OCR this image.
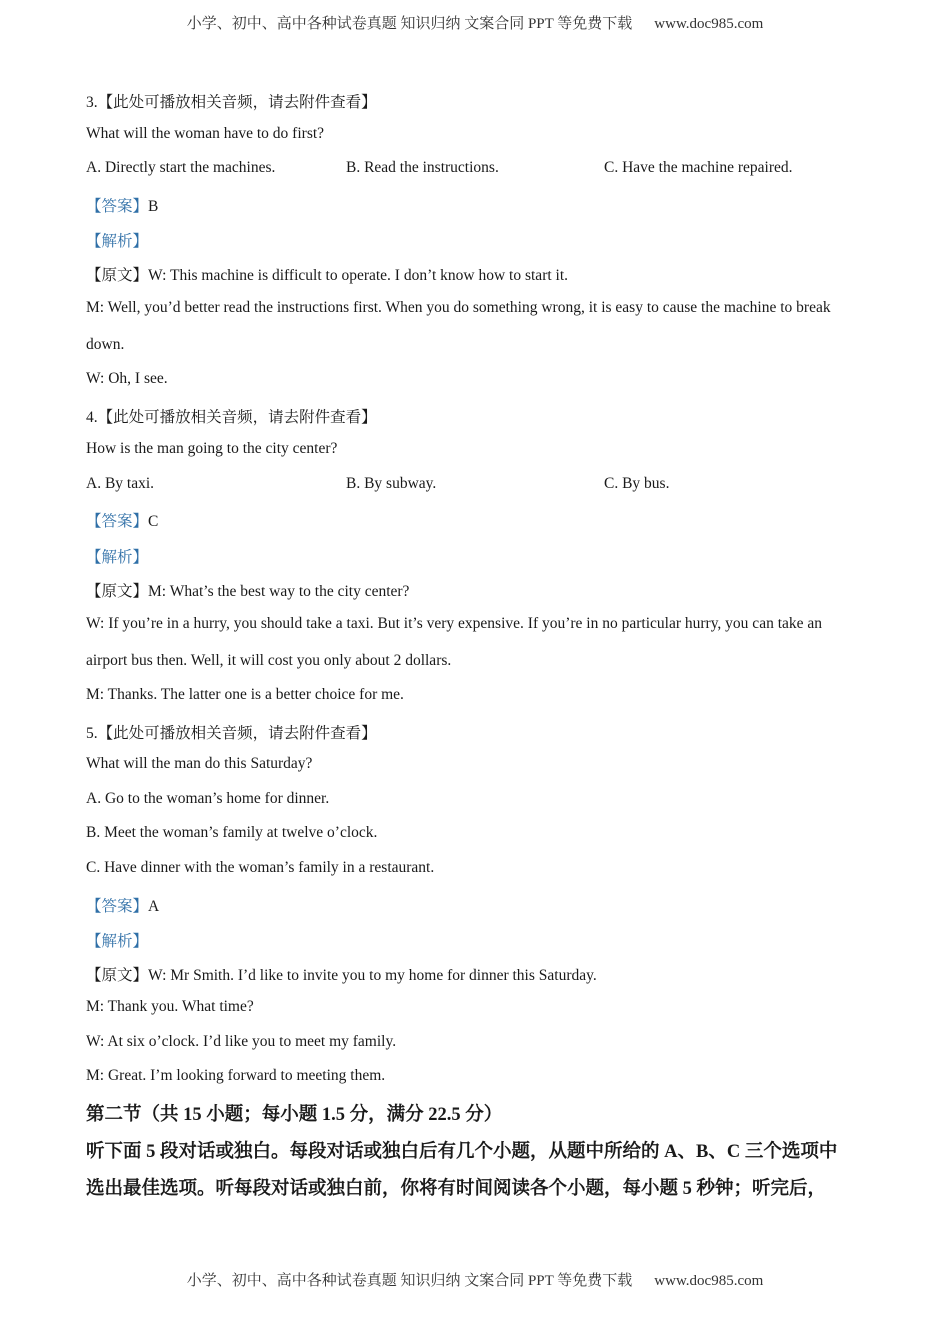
小学、初中、高中各种试卷真题 知识归纳 文案合同 PPT 等免费下载 www.doc985.com
3.【此处可播放相关音频，请去附件查看】
What will the woman have to do first?
A. Directly start the machines.	B. Read the instructions.	C. Have the machine repaired.
【答案】B
【解析】
【原文】W: This machine is difficult to operate. I don’t know how to start it.
M: Well, you’d better read the instructions first. When you do something wrong, it is easy to cause the machine to break down.
W: Oh, I see.
4.【此处可播放相关音频，请去附件查看】
How is the man going to the city center?
A. By taxi.	B. By subway.	C. By bus.
【答案】C
【解析】
【原文】M: What’s the best way to the city center?
W: If you’re in a hurry, you should take a taxi. But it’s very expensive. If you’re in no particular hurry, you can take an airport bus then. Well, it will cost you only about 2 dollars.
M: Thanks. The latter one is a better choice for me.
5.【此处可播放相关音频，请去附件查看】
What will the man do this Saturday?
A. Go to the woman’s home for dinner.
B. Meet the woman’s family at twelve o’clock.
C. Have dinner with the woman’s family in a restaurant.
【答案】A
【解析】
【原文】W: Mr Smith. I’d like to invite you to my home for dinner this Saturday.
M: Thank you. What time?
W: At six o’clock. I’d like you to meet my family.
M: Great. I’m looking forward to meeting them.
第二节（共 15 小题；每小题 1.5 分，满分 22.5 分）
听下面 5 段对话或独白。每段对话或独白后有几个小题，从题中所给的 A、B、C 三个选项中
选出最佳选项。听每段对话或独白前，你将有时间阅读各个小题，每小题 5 秒钟；听完后，
小学、初中、高中各种试卷真题 知识归纳 文案合同 PPT 等免费下载 www.doc985.com
